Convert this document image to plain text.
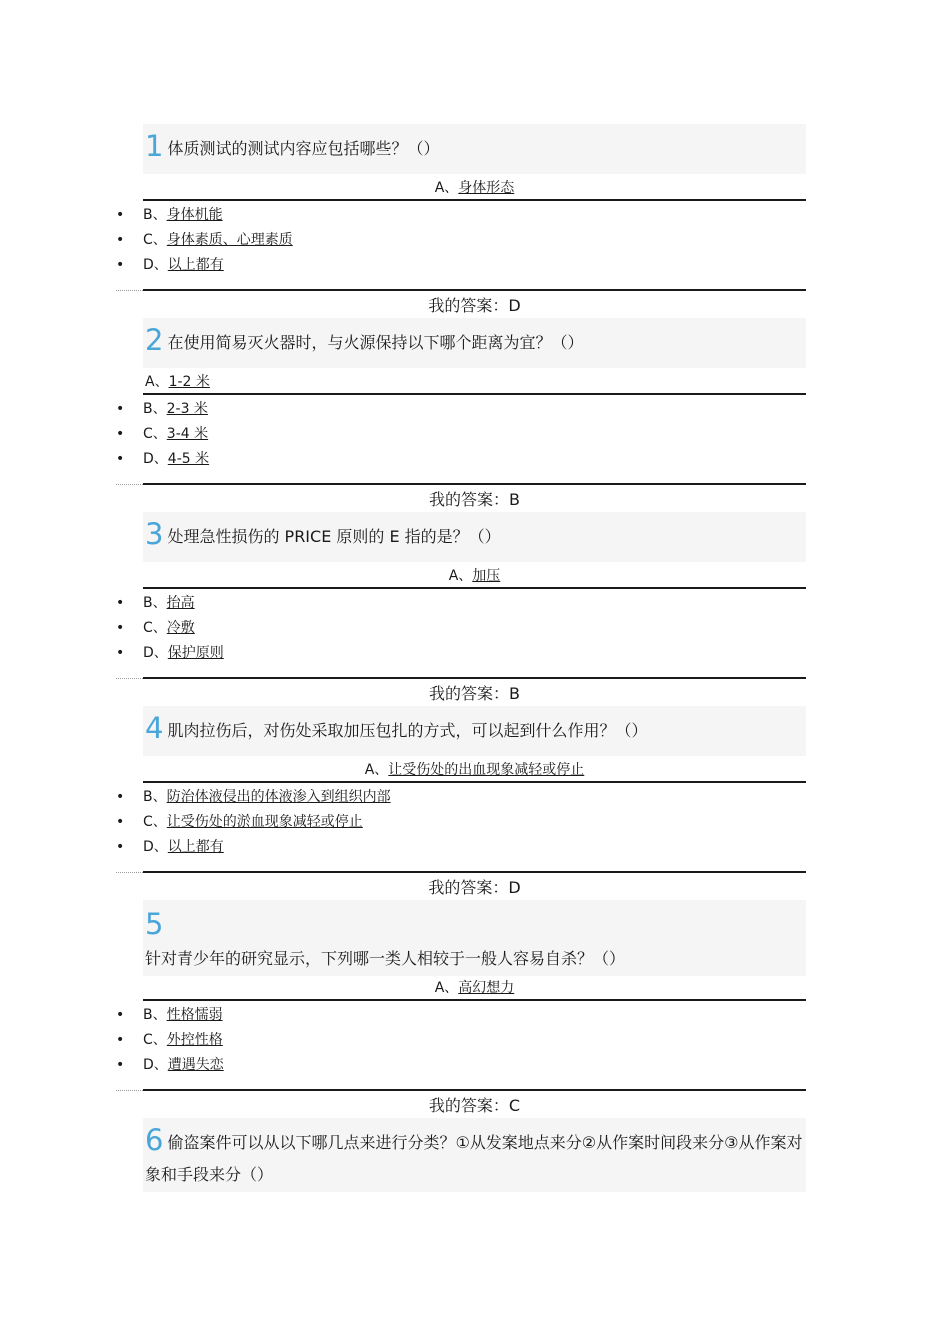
1 体质测试的测试内容应包括哪些？（）
A、身体形态
• B、身体机能
• C、身体素质、心理素质
• D、以上都有
我的答案：D
2 在使用简易灭火器时，与火源保持以下哪个距离为宜？（）
A、1-2 米
• B、2-3 米
• C、3-4 米
• D、4-5 米
我的答案：B
3 处理急性损伤的 PRICE 原则的 E 指的是？（）
A、加压
• B、抬高
• C、冷敷
• D、保护原则
我的答案：B
4 肌肉拉伤后，对伤处采取加压包扎的方式，可以起到什么作用？（）
A、让受伤处的出血现象减轻或停止
• B、防治体液侵出的体液渗入到组织内部
• C、让受伤处的淤血现象减轻或停止
• D、以上都有
我的答案：D
5
针对青少年的研究显示，下列哪一类人相较于一般人容易自杀？（）
A、高幻想力
• B、性格懦弱
• C、外控性格
• D、遭遇失恋
我的答案：C
6 偷盗案件可以从以下哪几点来进行分类？①从发案地点来分②从作案时间段来分③从作案对象和手段来分（）
